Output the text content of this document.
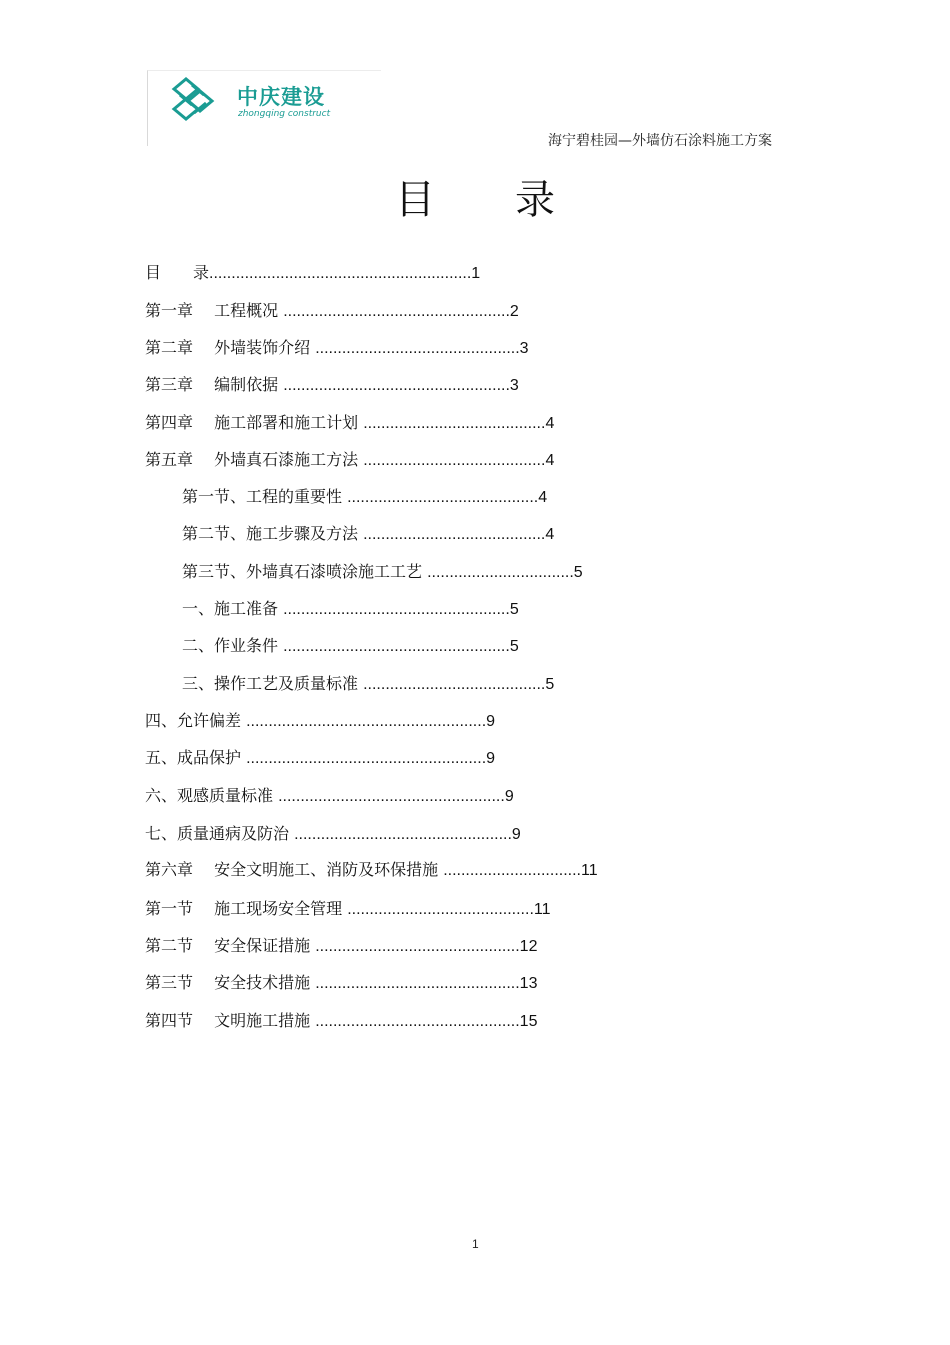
中庆建设
zhongqing construct
海宁碧桂园—外墙仿石涂料施工方案
目录
目　　录...........................................................1
第一章　 工程概况 ...................................................2
第二章　 外墙装饰介绍 ..............................................3
第三章　 编制依据 ...................................................3
第四章　 施工部署和施工计划 .........................................4
第五章　 外墙真石漆施工方法 .........................................4
第一节、工程的重要性 ...........................................4
第二节、施工步骤及方法 .........................................4
第三节、外墙真石漆喷涂施工工艺 .................................5
一、施工准备 ...................................................5
二、作业条件 ...................................................5
三、操作工艺及质量标准 .........................................5
四、允许偏差 ......................................................9
五、成品保护 ......................................................9
六、观感质量标准 ...................................................9
七、质量通病及防治 .................................................9
第六章　 安全文明施工、消防及环保措施 ...............................11
第一节　 施工现场安全管理 ..........................................11
第二节　 安全保证措施 ..............................................12
第三节　 安全技术措施 ..............................................13
第四节　 文明施工措施 ..............................................15
1
